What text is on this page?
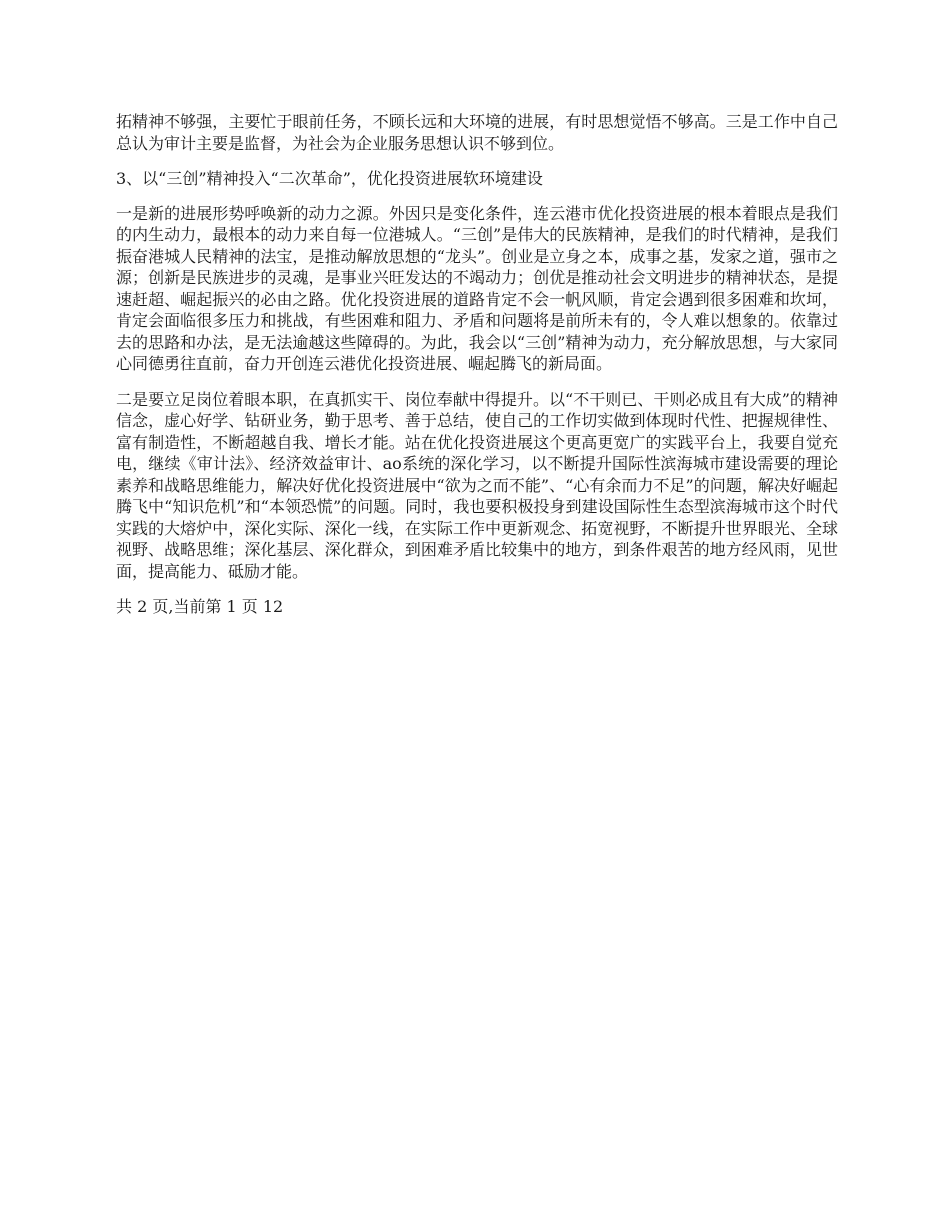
拓精神不够强，主要忙于眼前任务，不顾长远和大环境的进展，有时思想觉悟不够高。三是工作中自己总认为审计主要是监督，为社会为企业服务思想认识不够到位。

3、以“三创”精神投入“二次革命”，优化投资进展软环境建设

一是新的进展形势呼唤新的动力之源。外因只是变化条件，连云港市优化投资进展的根本着眼点是我们的内生动力，最根本的动力来自每一位港城人。“三创”是伟大的民族精神，是我们的时代精神，是我们振奋港城人民精神的法宝，是推动解放思想的“龙头”。创业是立身之本，成事之基，发家之道，强市之源；创新是民族进步的灵魂，是事业兴旺发达的不竭动力；创优是推动社会文明进步的精神状态，是提速赶超、崛起振兴的必由之路。优化投资进展的道路肯定不会一帆风顺，肯定会遇到很多困难和坎坷，肯定会面临很多压力和挑战，有些困难和阻力、矛盾和问题将是前所未有的，令人难以想象的。依靠过去的思路和办法，是无法逾越这些障碍的。为此，我会以“三创”精神为动力，充分解放思想，与大家同心同德勇往直前，奋力开创连云港优化投资进展、崛起腾飞的新局面。

二是要立足岗位着眼本职，在真抓实干、岗位奉献中得提升。以“不干则已、干则必成且有大成”的精神信念，虚心好学、钻研业务，勤于思考、善于总结，使自己的工作切实做到体现时代性、把握规律性、富有制造性，不断超越自我、增长才能。站在优化投资进展这个更高更宽广的实践平台上，我要自觉充电，继续《审计法》、经济效益审计、ao系统的深化学习，以不断提升国际性滨海城市建设需要的理论素养和战略思维能力，解决好优化投资进展中“欲为之而不能”、“心有余而力不足”的问题，解决好崛起腾飞中“知识危机”和“本领恐慌”的问题。同时，我也要积极投身到建设国际性生态型滨海城市这个时代实践的大熔炉中，深化实际、深化一线，在实际工作中更新观念、拓宽视野，不断提升世界眼光、全球视野、战略思维；深化基层、深化群众，到困难矛盾比较集中的地方，到条件艰苦的地方经风雨，见世面，提高能力、砥励才能。

共 2 页,当前第 1 页 12
